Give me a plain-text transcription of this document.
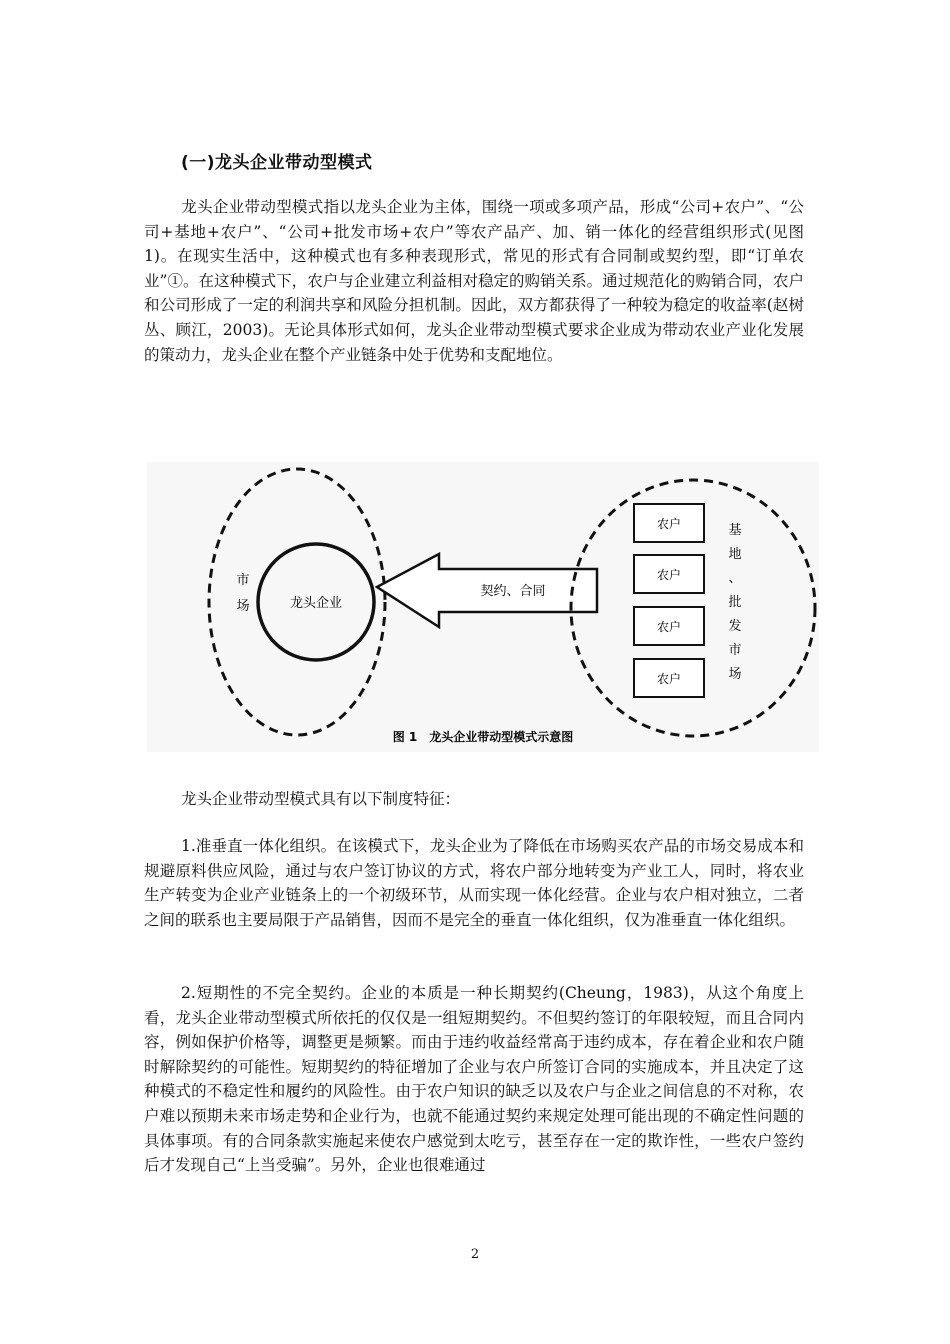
(一)龙头企业带动型模式

龙头企业带动型模式指以龙头企业为主体，围绕一项或多项产品，形成“公司+农户”、“公司+基地+农户”、“公司+批发市场+农户”等农产品产、加、销一体化的经营组织形式(见图 1)。在现实生活中，这种模式也有多种表现形式，常见的形式有合同制或契约型，即“订单农业”①。在这种模式下，农户与企业建立利益相对稳定的购销关系。通过规范化的购销合同，农户和公司形成了一定的利润共享和风险分担机制。因此，双方都获得了一种较为稳定的收益率(赵树丛、顾江，2003)。无论具体形式如何，龙头企业带动型模式要求企业成为带动农业产业化发展的策动力，龙头企业在整个产业链条中处于优势和支配地位。

市
场	龙头企业
契约、合同
农户
农户
农户
农户
基
地
、
批
发
市
场
图 1　龙头企业带动型模式示意图

龙头企业带动型模式具有以下制度特征：

1.准垂直一体化组织。在该模式下，龙头企业为了降低在市场购买农产品的市场交易成本和规避原料供应风险，通过与农户签订协议的方式，将农户部分地转变为产业工人，同时，将农业生产转变为企业产业链条上的一个初级环节，从而实现一体化经营。企业与农户相对独立，二者之间的联系也主要局限于产品销售，因而不是完全的垂直一体化组织，仅为准垂直一体化组织。

2.短期性的不完全契约。企业的本质是一种长期契约(Cheung，1983)，从这个角度上看，龙头企业带动型模式所依托的仅仅是一组短期契约。不但契约签订的年限较短，而且合同内容，例如保护价格等，调整更是频繁。而由于违约收益经常高于违约成本，存在着企业和农户随时解除契约的可能性。短期契约的特征增加了企业与农户所签订合同的实施成本，并且决定了这种模式的不稳定性和履约的风险性。由于农户知识的缺乏以及农户与企业之间信息的不对称，农户难以预期未来市场走势和企业行为，也就不能通过契约来规定处理可能出现的不确定性问题的具体事项。有的合同条款实施起来使农户感觉到太吃亏，甚至存在一定的欺诈性，一些农户签约后才发现自己“上当受骗”。另外，企业也很难通过

2
